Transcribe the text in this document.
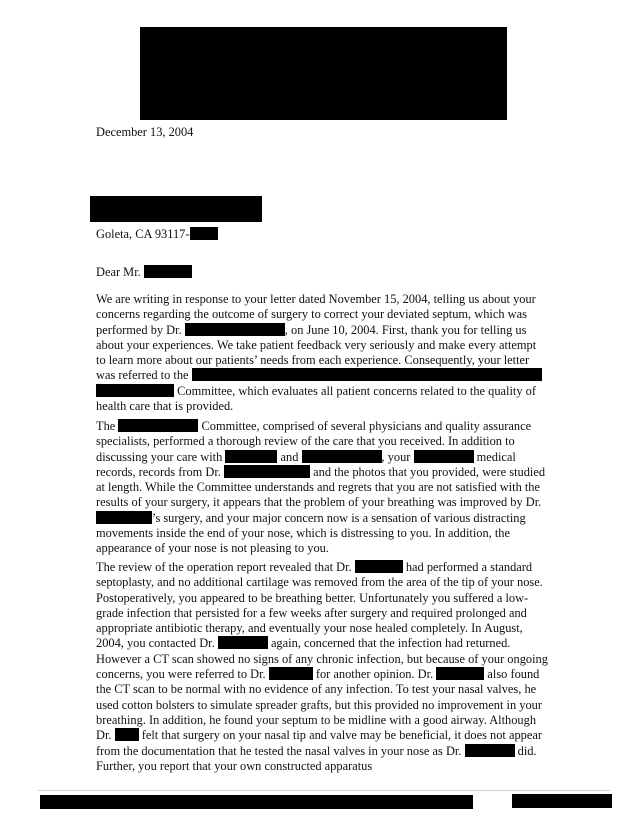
December 13, 2004
Goleta, CA 93117-
Dear Mr.
We are writing in response to your letter dated November 15, 2004, telling us about your concerns regarding the outcome of surgery to correct your deviated septum, which was performed by Dr.	, on June 10, 2004. First, thank you for telling us about your experiences. We take patient feedback very seriously and make every attempt to learn more about our patients’ needs from each experience. Consequently, your letter was referred to the   Committee, which evaluates all patient concerns related to the quality of health care that is provided.
The	Committee, comprised of several physicians and quality assurance specialists, performed a thorough review of the care that you received. In addition to discussing your care with	and	, your	medical records, records from Dr.	and the photos that you provided, were studied at length. While the Committee understands and regrets that you are not satisfied with the results of your surgery, it appears that the problem of your breathing was improved by Dr. ’s surgery, and your major concern now is a sensation of various distracting movements inside the end of your nose, which is distressing to you. In addition, the appearance of your nose is not pleasing to you.
The review of the operation report revealed that Dr.	had performed a standard septoplasty, and no additional cartilage was removed from the area of the tip of your nose. Postoperatively, you appeared to be breathing better. Unfortunately you suffered a low-grade infection that persisted for a few weeks after surgery and required prolonged and appropriate antibiotic therapy, and eventually your nose healed completely. In August, 2004, you contacted Dr.	again, concerned that the infection had returned. However a CT scan showed no signs of any chronic infection, but because of your ongoing concerns, you were referred to Dr.	for another opinion. Dr.	also found the CT scan to be normal with no evidence of any infection. To test your nasal valves, he used cotton bolsters to simulate spreader grafts, but this provided no improvement in your breathing. In addition, he found your septum to be midline with a good airway. Although Dr. felt that surgery on your nasal tip and valve may be beneficial, it does not appear from the documentation that he tested the nasal valves in your nose as Dr.	did. Further, you report that your own constructed apparatus
